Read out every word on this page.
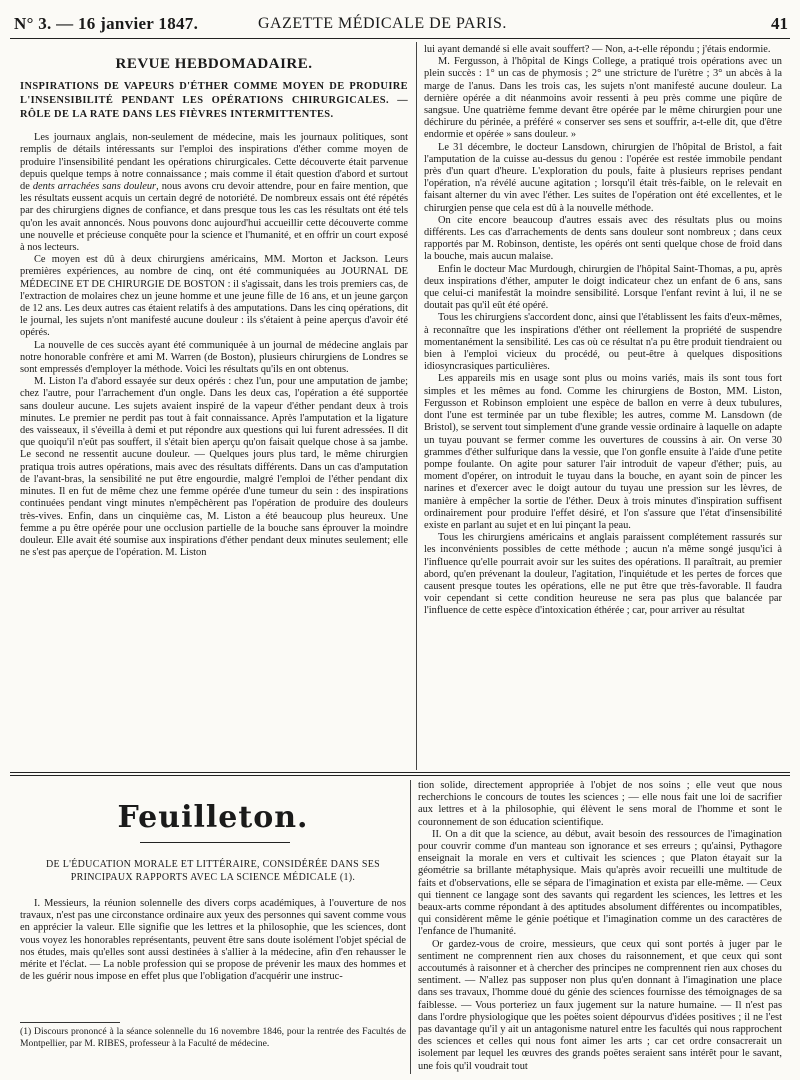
N° 3. — 16 janvier 1847.	GAZETTE MÉDICALE DE PARIS.	41
REVUE HEBDOMADAIRE.
INSPIRATIONS DE VAPEURS D'ÉTHER COMME MOYEN DE PRODUIRE L'INSENSIBILITÉ PENDANT LES OPÉRATIONS CHIRURGICALES. — RÔLE DE LA RATE DANS LES FIÈVRES INTERMITTENTES.

Les journaux anglais, non-seulement de médecine, mais les journaux politiques, sont remplis de détails intéressants sur l'emploi des inspirations d'éther comme moyen de produire l'insensibilité pendant les opérations chirurgicales. Cette découverte était parvenue depuis quelque temps à notre connaissance ; mais comme il était question d'abord et surtout de dents arrachées sans douleur, nous avons cru devoir attendre, pour en faire mention, que les résultats eussent acquis un certain degré de notoriété. De nombreux essais ont été répétés par des chirurgiens dignes de confiance, et dans presque tous les cas les résultats ont été tels qu'on les avait annoncés. Nous pouvons donc aujourd'hui accueillir cette découverte comme une nouvelle et précieuse conquête pour la science et l'humanité, et en offrir un court exposé à nos lecteurs.

Ce moyen est dû à deux chirurgiens américains, MM. Morton et Jackson. Leurs premières expériences, au nombre de cinq, ont été communiquées au JOURNAL DE MÉDECINE ET DE CHIRURGIE DE BOSTON : il s'agissait, dans les trois premiers cas, de l'extraction de molaires chez un jeune homme et une jeune fille de 16 ans, et un jeune garçon de 12 ans. Les deux autres cas étaient relatifs à des amputations. Dans les cinq opérations, dit le journal, les sujets n'ont manifesté aucune douleur : ils s'étaient à peine aperçus d'avoir été opérés.

La nouvelle de ces succès ayant été communiquée à un journal de médecine anglais par notre honorable confrère et ami M. Warren (de Boston), plusieurs chirurgiens de Londres se sont empressés d'employer la méthode. Voici les résultats qu'ils en ont obtenus.

M. Liston l'a d'abord essayée sur deux opérés : chez l'un, pour une amputation de jambe; chez l'autre, pour l'arrachement d'un ongle. Dans les deux cas, l'opération a été supportée sans douleur aucune. Les sujets avaient inspiré de la vapeur d'éther pendant deux à trois minutes. Le premier ne perdit pas tout à fait connaissance. Après l'amputation et la ligature des vaisseaux, il s'éveilla à demi et put répondre aux questions qui lui furent adressées. Il dit que quoiqu'il n'eût pas souffert, il s'était bien aperçu qu'on faisait quelque chose à sa jambe. Le second ne ressentit aucune douleur. — Quelques jours plus tard, le même chirurgien pratiqua trois autres opérations, mais avec des résultats différents. Dans un cas d'amputation de l'avant-bras, la sensibilité ne put être engourdie, malgré l'emploi de l'éther pendant dix minutes. Il en fut de même chez une femme opérée d'une tumeur du sein : des inspirations continuées pendant vingt minutes n'empêchèrent pas l'opération de produire des douleurs très-vives. Enfin, dans un cinquième cas, M. Liston a été beaucoup plus heureux. Une femme a pu être opérée pour une occlusion partielle de la bouche sans éprouver la moindre douleur. Elle avait été soumise aux inspirations d'éther pendant deux minutes seulement; elle ne s'est pas aperçue de l'opération. M. Liston

lui ayant demandé si elle avait souffert? — Non, a-t-elle répondu ; j'étais endormie.

M. Fergusson, à l'hôpital de Kings College, a pratiqué trois opérations avec un plein succès : 1° un cas de phymosis ; 2° une stricture de l'urètre ; 3° un abcès à la marge de l'anus. Dans les trois cas, les sujets n'ont manifesté aucune douleur. La dernière opérée a dit néanmoins avoir ressenti à peu près comme une piqûre de sangsue. Une quatrième femme devant être opérée par le même chirurgien pour une déchirure du périnée, a préféré « conserver ses sens et souffrir, a-t-elle dit, que d'être endormie et opérée » sans douleur. »

Le 31 décembre, le docteur Lansdown, chirurgien de l'hôpital de Bristol, a fait l'amputation de la cuisse au-dessus du genou : l'opérée est restée immobile pendant près d'un quart d'heure. L'exploration du pouls, faite à plusieurs reprises pendant l'opération, n'a révélé aucune agitation ; lorsqu'il était très-faible, on le relevait en faisant alterner du vin avec l'éther. Les suites de l'opération ont été excellentes, et le chirurgien pense que cela est dû à la nouvelle méthode.

On cite encore beaucoup d'autres essais avec des résultats plus ou moins différents. Les cas d'arrachements de dents sans douleur sont nombreux ; dans ceux rapportés par M. Robinson, dentiste, les opérés ont senti quelque chose de froid dans la bouche, mais aucun malaise.

Enfin le docteur Mac Murdough, chirurgien de l'hôpital Saint-Thomas, a pu, après deux inspirations d'éther, amputer le doigt indicateur chez un enfant de 6 ans, sans que celui-ci manifestât la moindre sensibilité. Lorsque l'enfant revint à lui, il ne se doutait pas qu'il eût été opéré.

Tous les chirurgiens s'accordent donc, ainsi que l'établissent les faits d'eux-mêmes, à reconnaître que les inspirations d'éther ont réellement la propriété de suspendre momentanément la sensibilité. Les cas où ce résultat n'a pu être produit tiendraient ou bien à l'emploi vicieux du procédé, ou peut-être à quelques dispositions idiosyncrasiques particulières.

Les appareils mis en usage sont plus ou moins variés, mais ils sont tous fort simples et les mêmes au fond. Comme les chirurgiens de Boston, MM. Liston, Fergusson et Robinson emploient une espèce de ballon en verre à deux tubulures, dont l'une est terminée par un tube flexible; les autres, comme M. Lansdown (de Bristol), se servent tout simplement d'une grande vessie ordinaire à laquelle on adapte un tuyau pouvant se fermer comme les ouvertures de coussins à air. On verse 30 grammes d'éther sulfurique dans la vessie, que l'on gonfle ensuite à l'aide d'une petite pompe foulante. On agite pour saturer l'air introduit de vapeur d'éther; puis, au moment d'opérer, on introduit le tuyau dans la bouche, en ayant soin de pincer les narines et d'exercer avec le doigt autour du tuyau une pression sur les lèvres, de manière à empêcher la sortie de l'éther. Deux à trois minutes d'inspiration suffisent ordinairement pour produire l'effet désiré, et l'on s'assure que l'état d'insensibilité existe en parlant au sujet et en lui pinçant la peau.

Tous les chirurgiens américains et anglais paraissent complétement rassurés sur les inconvénients possibles de cette méthode ; aucun n'a même songé jusqu'ici à l'influence qu'elle pourrait avoir sur les suites des opérations. Il paraîtrait, au premier abord, qu'en prévenant la douleur, l'agitation, l'inquiétude et les pertes de forces que causent presque toutes les opérations, elle ne put être que très-favorable. Il faudra voir cependant si cette condition heureuse ne sera pas plus que balancée par l'influence de cette espèce d'intoxication éthérée ; car, pour arriver au résultat

Feuilleton.
DE L'ÉDUCATION MORALE ET LITTÉRAIRE, CONSIDÉRÉE DANS SES PRINCIPAUX RAPPORTS AVEC LA SCIENCE MÉDICALE (1).

I. Messieurs, la réunion solennelle des divers corps académiques, à l'ouverture de nos travaux, n'est pas une circonstance ordinaire aux yeux des personnes qui savent comme vous en apprécier la valeur. Elle signifie que les lettres et la philosophie, que les sciences, dont vous voyez les honorables représentants, peuvent être sans doute isolément l'objet spécial de nos études, mais qu'elles sont aussi destinées à s'allier à la médecine, afin d'en rehausser le mérite et l'éclat. — La noble profession qui se propose de prévenir les maux des hommes et de les guérir nous impose en effet plus que l'obligation d'acquérir une instruc-

(1) Discours prononcé à la séance solennelle du 16 novembre 1846, pour la rentrée des Facultés de Montpellier, par M. RIBES, professeur à la Faculté de médecine.

tion solide, directement appropriée à l'objet de nos soins ; elle veut que nous recherchions le concours de toutes les sciences ; — elle nous fait une loi de sacrifier aux lettres et à la philosophie, qui élèvent le sens moral de l'homme et sont le couronnement de son éducation scientifique.

II. On a dit que la science, au début, avait besoin des ressources de l'imagination pour couvrir comme d'un manteau son ignorance et ses erreurs ; qu'ainsi, Pythagore enseignait la morale en vers et cultivait les sciences ; que Platon étayait sur la géométrie sa brillante métaphysique. Mais qu'après avoir recueilli une multitude de faits et d'observations, elle se sépara de l'imagination et exista par elle-même. — Ceux qui tiennent ce langage sont des savants qui regardent les sciences, les lettres et les beaux-arts comme répondant à des aptitudes absolument différentes ou incompatibles, qui considèrent même le génie poétique et l'imagination comme un des caractères de l'enfance de l'humanité.

Or gardez-vous de croire, messieurs, que ceux qui sont portés à juger par le sentiment ne comprennent rien aux choses du raisonnement, et que ceux qui sont accoutumés à raisonner et à chercher des principes ne comprennent rien aux choses du sentiment. — N'allez pas supposer non plus qu'en donnant à l'imagination une place dans ses travaux, l'homme doué du génie des sciences fournisse des témoignages de sa faiblesse. — Vous porteriez un faux jugement sur la nature humaine. — Il n'est pas dans l'ordre physiologique que les poëtes soient dépourvus d'idées positives ; il ne l'est pas davantage qu'il y ait un antagonisme naturel entre les facultés qui nous rapprochent des sciences et celles qui nous font aimer les arts ; car cet ordre consacrerait un isolement par lequel les œuvres des grands poëtes seraient sans intérêt pour le savant, une fois qu'il voudrait tout
